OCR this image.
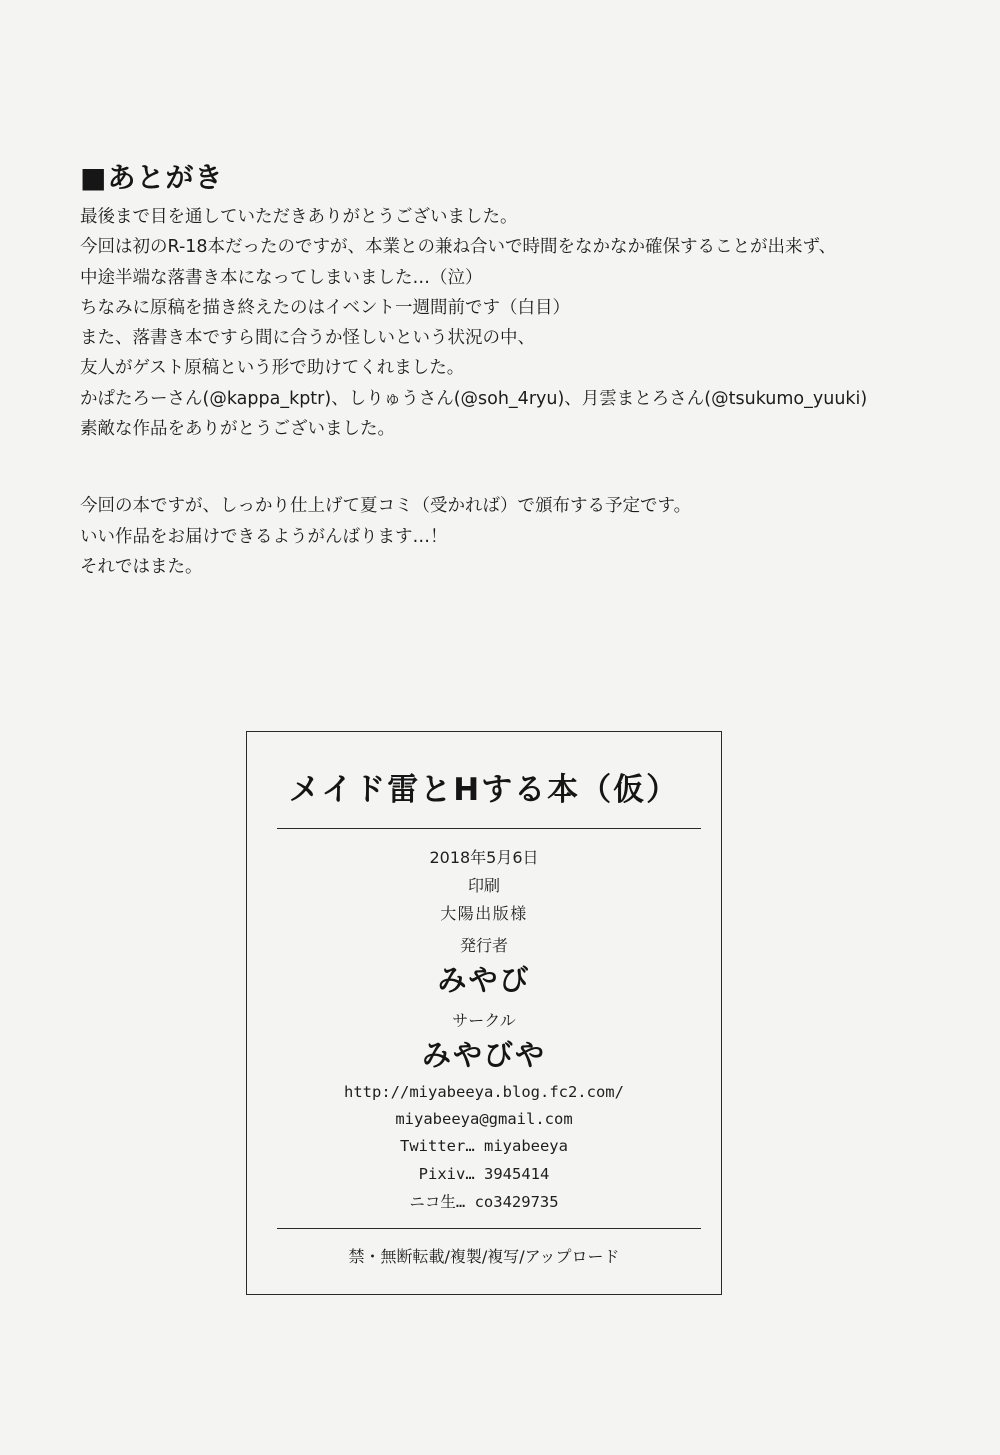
■あとがき

最後まで目を通していただきありがとうございました。

今回は初のR-18本だったのですが、本業との兼ね合いで時間をなかなか確保することが出来ず、

中途半端な落書き本になってしまいました…（泣）

ちなみに原稿を描き終えたのはイベント一週間前です（白目）

また、落書き本ですら間に合うか怪しいという状況の中、

友人がゲスト原稿という形で助けてくれました。

かぱたろーさん(@kappa_kptr)、しりゅうさん(@soh_4ryu)、月雲まとろさん(@tsukumo_yuuki)

素敵な作品をありがとうございました。

今回の本ですが、しっかり仕上げて夏コミ（受かれば）で頒布する予定です。

いい作品をお届けできるようがんばります…！

それではまた。

メイド雷とHする本（仮）
2018年5月6日
印刷
大陽出版様
発行者
みやび
サークル
みやびや
http://miyabeeya.blog.fc2.com/
miyabeeya@gmail.com
Twitter… miyabeeya
Pixiv… 3945414
ニコ生… co3429735
禁・無断転載/複製/複写/アップロード
